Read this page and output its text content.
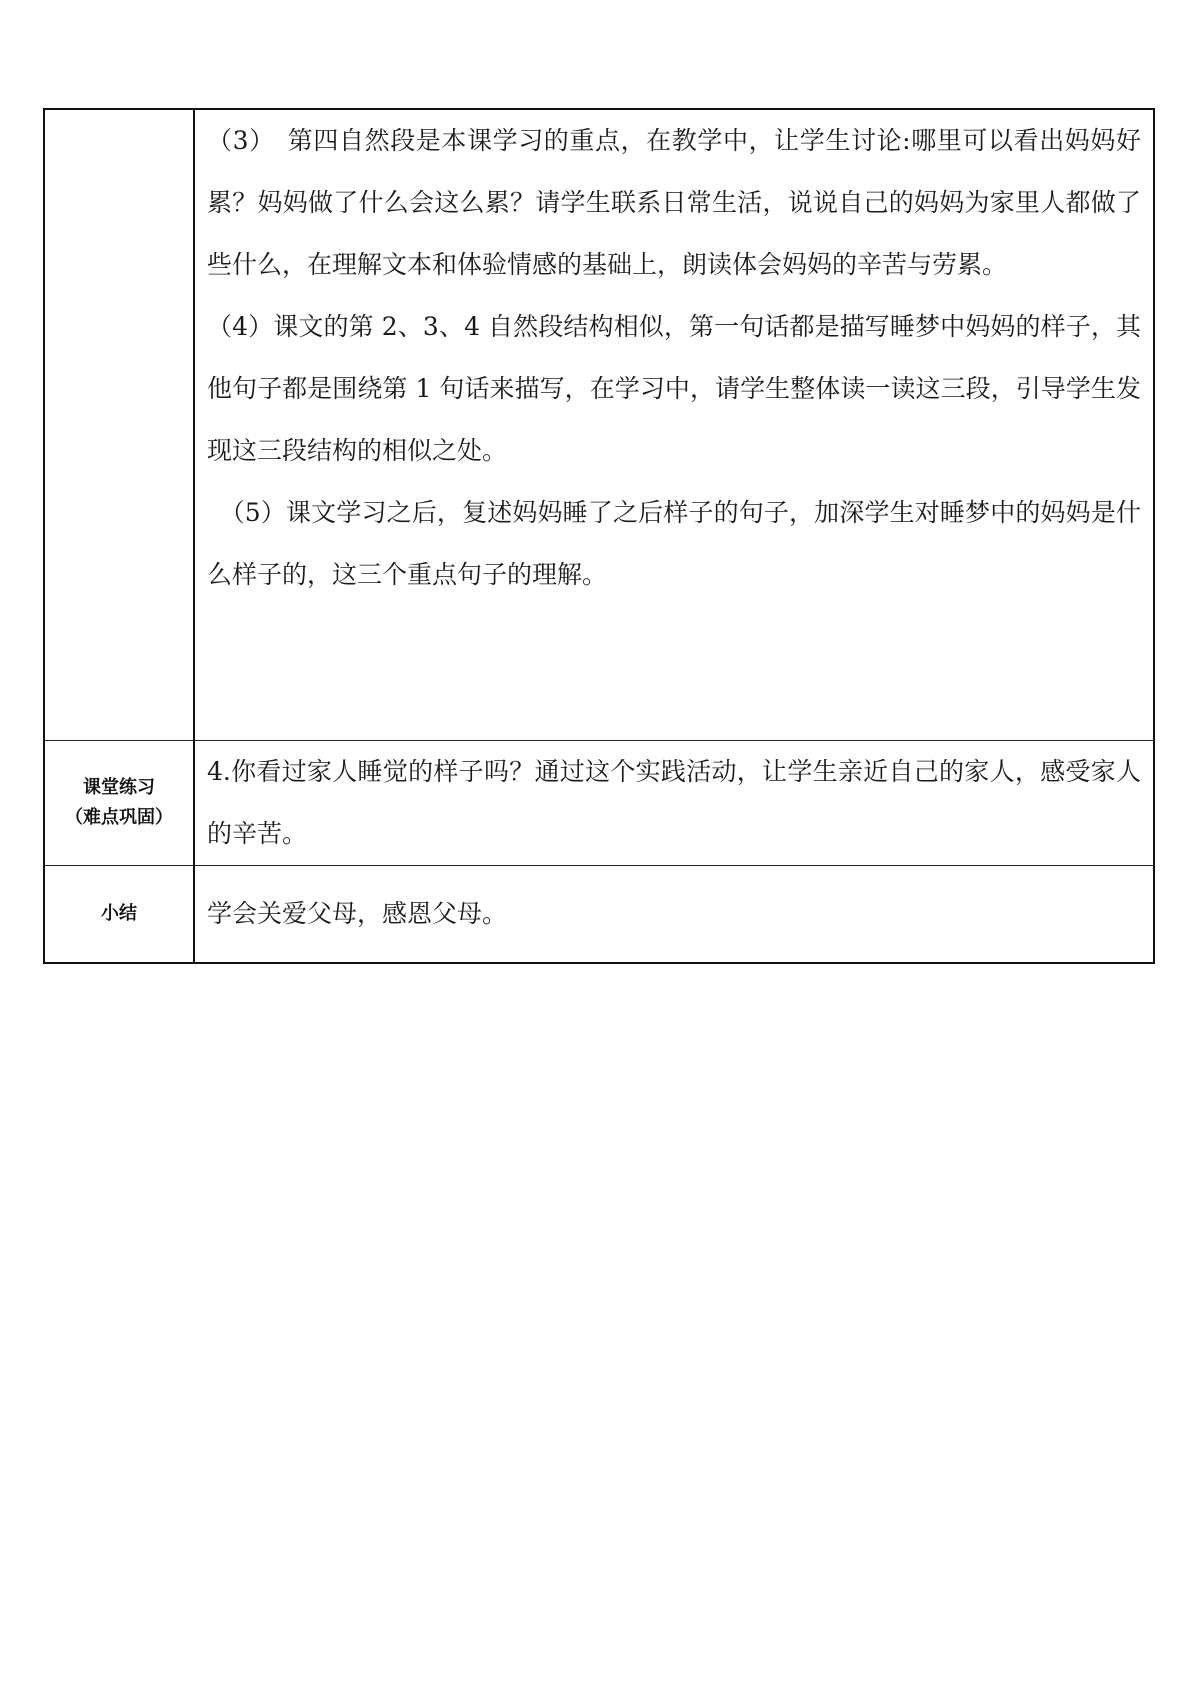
	（3）　第四自然段是本课学习的重点，在教学中，让学生讨论:哪里可以看出妈妈好累？妈妈做了什么会这么累？请学生联系日常生活，说说自己的妈妈为家里人都做了些什么，在理解文本和体验情感的基础上，朗读体会妈妈的辛苦与劳累。

（4）课文的第 2、3、4 自然段结构相似，第一句话都是描写睡梦中妈妈的样子，其他句子都是围绕第 1 句话来描写，在学习中，请学生整体读一读这三段，引导学生发现这三段结构的相似之处。

　（5）课文学习之后，复述妈妈睡了之后样子的句子，加深学生对睡梦中的妈妈是什么样子的，这三个重点句子的理解。

课堂练习
（难点巩固）	4.你看过家人睡觉的样子吗？通过这个实践活动，让学生亲近自己的家人，感受家人的辛苦。

小结	学会关爱父母，感恩父母。
